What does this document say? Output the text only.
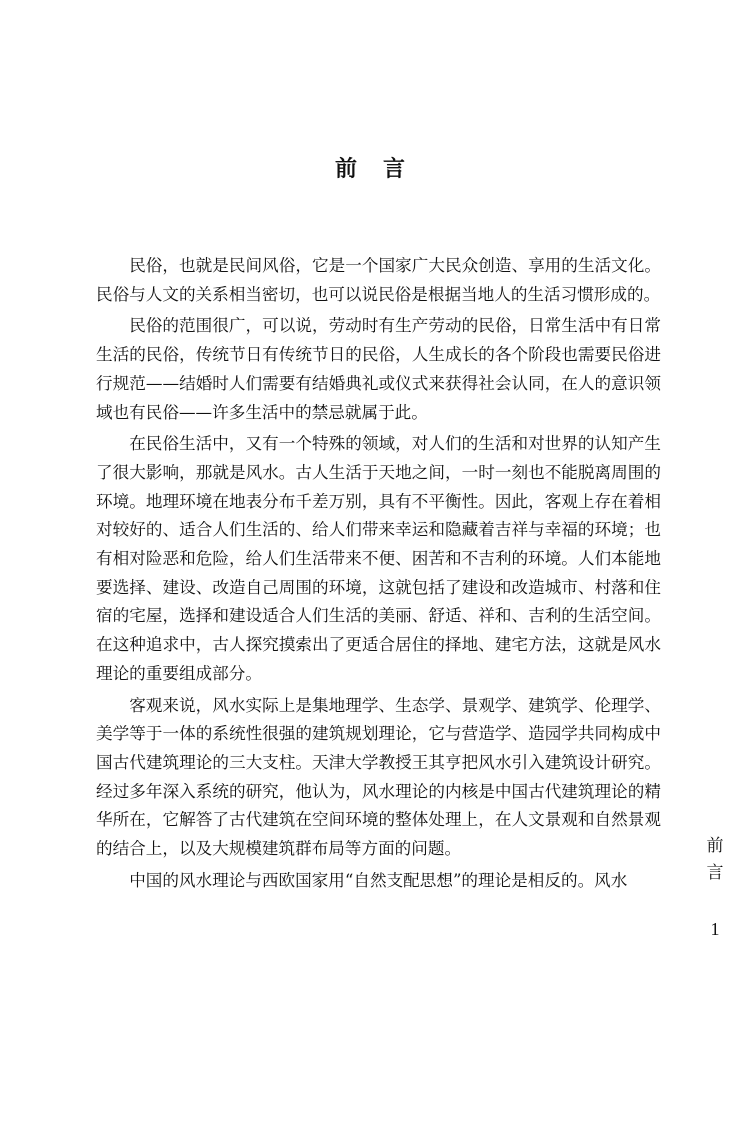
前 言

民俗，也就是民间风俗，它是一个国家广大民众创造、享用的生活文化。民俗与人文的关系相当密切，也可以说民俗是根据当地人的生活习惯形成的。

民俗的范围很广，可以说，劳动时有生产劳动的民俗，日常生活中有日常生活的民俗，传统节日有传统节日的民俗，人生成长的各个阶段也需要民俗进行规范——结婚时人们需要有结婚典礼或仪式来获得社会认同，在人的意识领域也有民俗——许多生活中的禁忌就属于此。

在民俗生活中，又有一个特殊的领域，对人们的生活和对世界的认知产生了很大影响，那就是风水。古人生活于天地之间，一时一刻也不能脱离周围的环境。地理环境在地表分布千差万别，具有不平衡性。因此，客观上存在着相对较好的、适合人们生活的、给人们带来幸运和隐藏着吉祥与幸福的环境；也有相对险恶和危险，给人们生活带来不便、困苦和不吉利的环境。人们本能地要选择、建设、改造自己周围的环境，这就包括了建设和改造城市、村落和住宿的宅屋，选择和建设适合人们生活的美丽、舒适、祥和、吉利的生活空间。在这种追求中，古人探究摸索出了更适合居住的择地、建宅方法，这就是风水理论的重要组成部分。

客观来说，风水实际上是集地理学、生态学、景观学、建筑学、伦理学、美学等于一体的系统性很强的建筑规划理论，它与营造学、造园学共同构成中国古代建筑理论的三大支柱。天津大学教授王其亨把风水引入建筑设计研究。经过多年深入系统的研究，他认为，风水理论的内核是中国古代建筑理论的精华所在，它解答了古代建筑在空间环境的整体处理上，在人文景观和自然景观的结合上，以及大规模建筑群布局等方面的问题。

中国的风水理论与西欧国家用“自然支配思想”的理论是相反的。风水

前
言
1
